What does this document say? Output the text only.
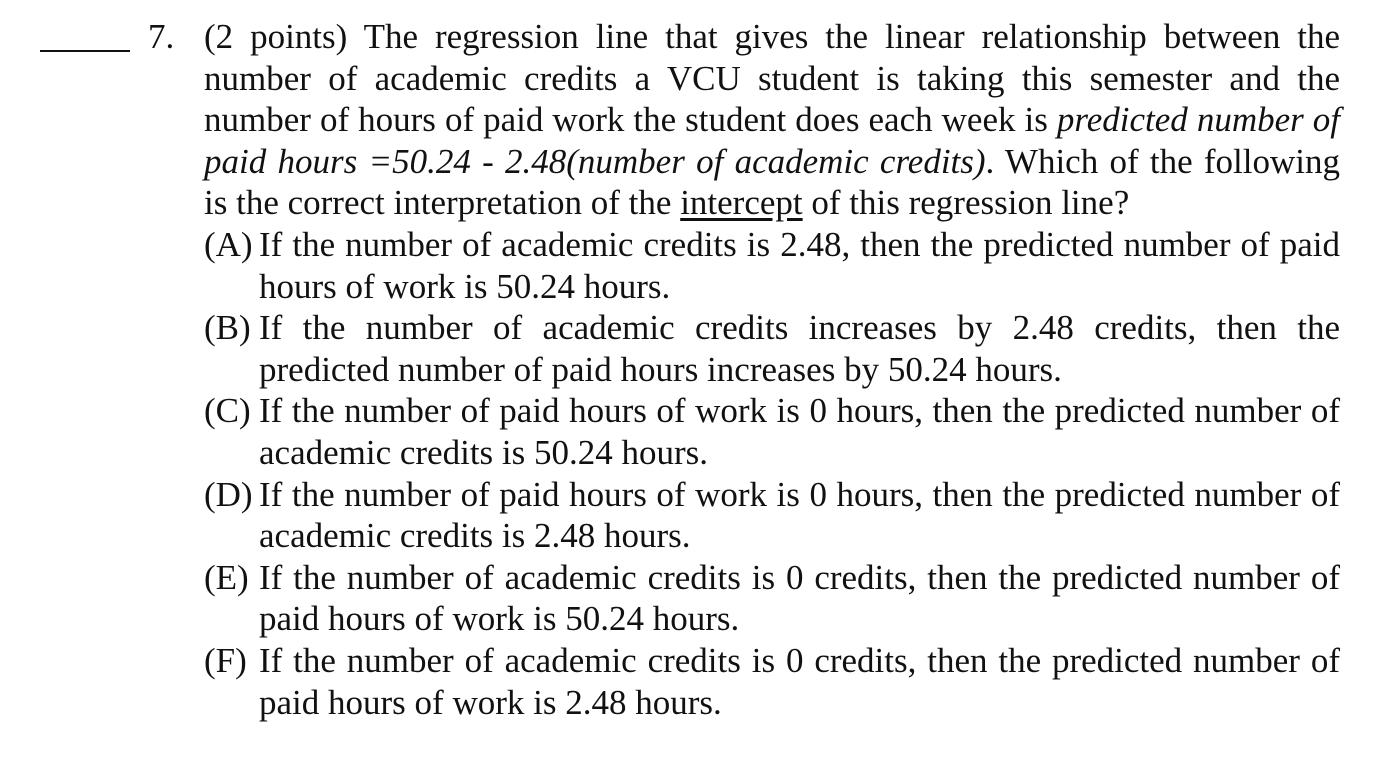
7. (2 points) The regression line that gives the linear relationship between the number of academic credits a VCU student is taking this semester and the number of hours of paid work the student does each week is predicted number of paid hours =50.24 - 2.48(number of academic credits). Which of the following is the correct interpretation of the intercept of this regression line?
(A) If the number of academic credits is 2.48, then the predicted number of paid hours of work is 50.24 hours.
(B) If the number of academic credits increases by 2.48 credits, then the predicted number of paid hours increases by 50.24 hours.
(C) If the number of paid hours of work is 0 hours, then the predicted number of academic credits is 50.24 hours.
(D) If the number of paid hours of work is 0 hours, then the predicted number of academic credits is 2.48 hours.
(E) If the number of academic credits is 0 credits, then the predicted number of paid hours of work is 50.24 hours.
(F) If the number of academic credits is 0 credits, then the predicted number of paid hours of work is 2.48 hours.
